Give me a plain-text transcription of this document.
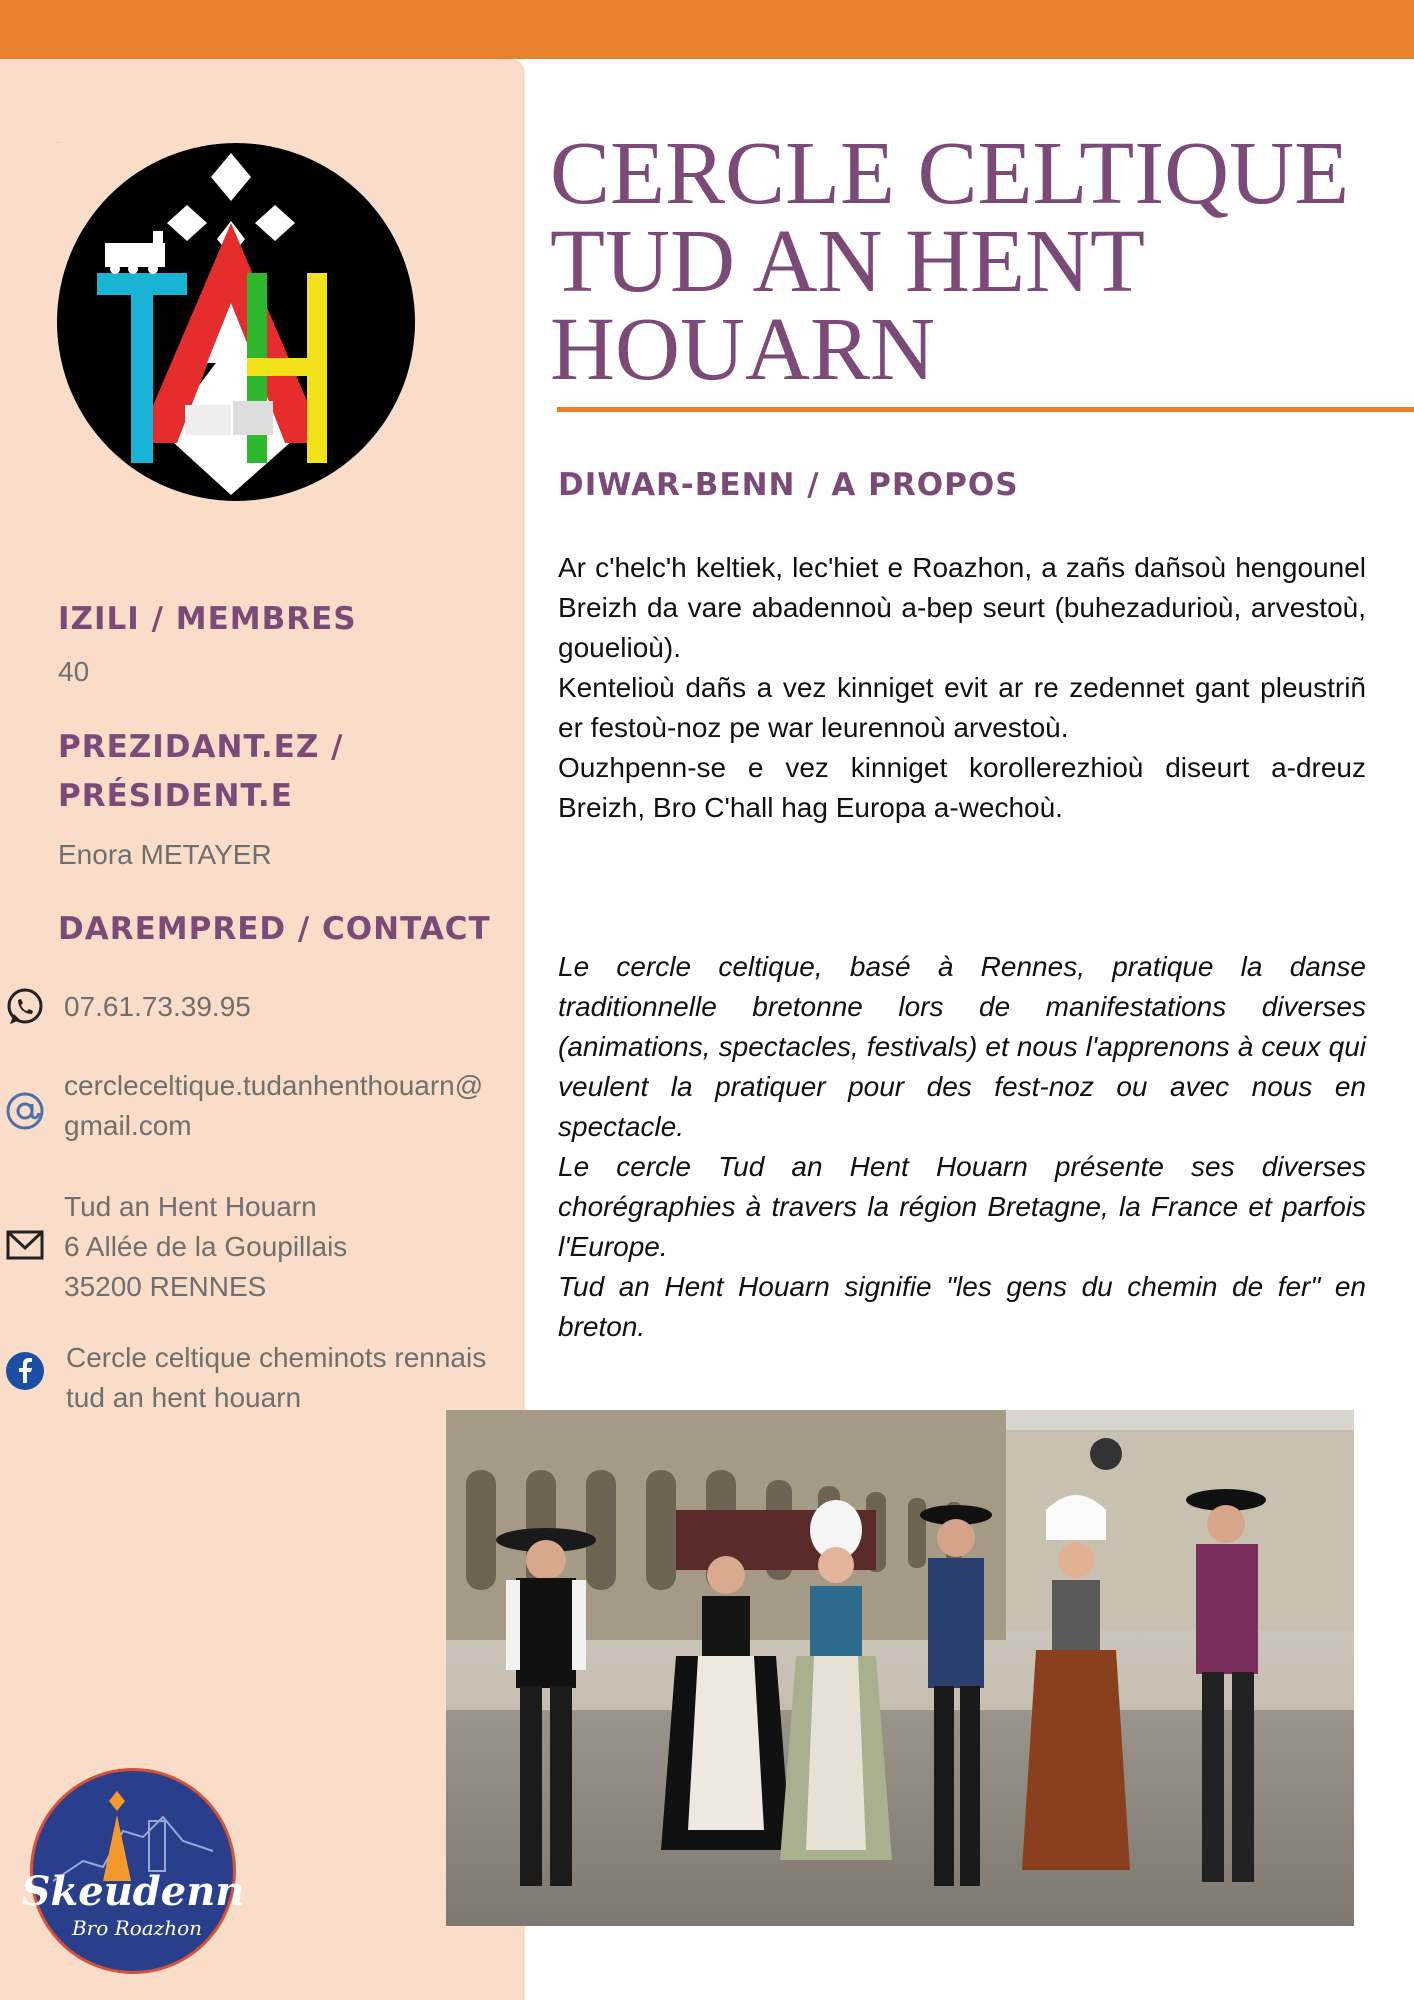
TAH
IZILI / MEMBRES

40

PREZIDANT.EZ /
PRÉSIDENT.E

Enora METAYER

DAREMPRED / CONTACT

07.61.73.39.95

cercleceltique.tudanhenthouarn@

gmail.com

Tud an Hent Houarn

6 Allée de la Goupillais

35200 RENNES

Cercle celtique cheminots rennais

tud an hent houarn

Skeudenn
Bro Roazhon
CERCLE CELTIQUE
TUD AN HENT
HOUARN
DIWAR-BENN / A PROPOS

Ar c'helc'h keltiek, lec'hiet e Roazhon, a zañs dañsoù hengounel Breizh da vare abadennoù a-bep seurt (buhezadurioù, arvestoù, gouelioù).

Kentelioù dañs a vez kinniget evit ar re zedennet gant pleustriñ er festoù-noz pe war leurennoù arvestoù.

Ouzhpenn-se e vez kinniget korollerezhioù diseurt a-dreuz Breizh, Bro C'hall hag Europa a-wechoù.

Le cercle celtique, basé à Rennes, pratique la danse traditionnelle bretonne lors de manifestations diverses (animations, spectacles, festivals) et nous l'apprenons à ceux qui veulent la pratiquer pour des fest-noz ou avec nous en spectacle.

Le cercle Tud an Hent Houarn présente ses diverses chorégraphies à travers la région Bretagne, la France et parfois l'Europe.

Tud an Hent Houarn signifie "les gens du chemin de fer" en breton.
